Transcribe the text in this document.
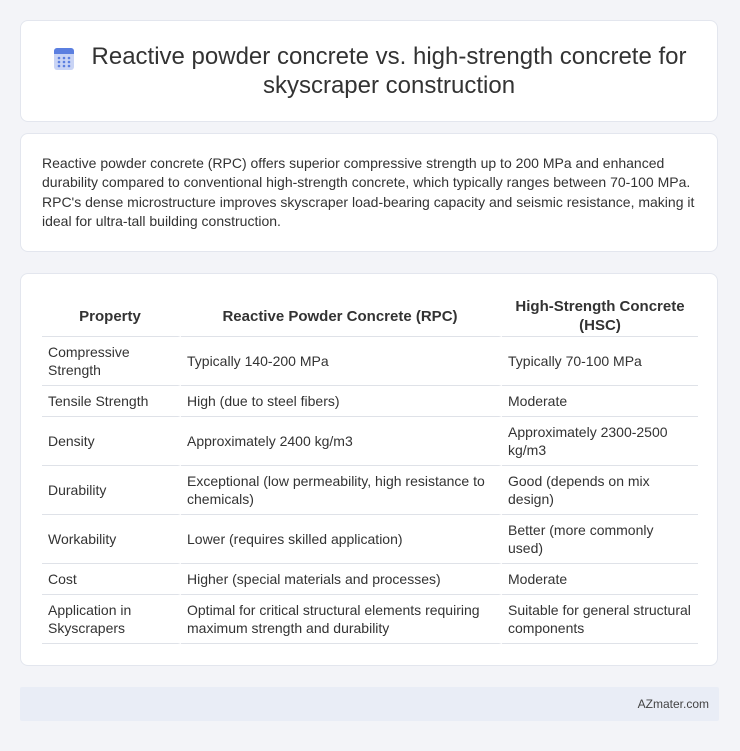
Reactive powder concrete vs. high-strength concrete for skyscraper construction
Reactive powder concrete (RPC) offers superior compressive strength up to 200 MPa and enhanced durability compared to conventional high-strength concrete, which typically ranges between 70-100 MPa. RPC's dense microstructure improves skyscraper load-bearing capacity and seismic resistance, making it ideal for ultra-tall building construction.
Property	Reactive Powder Concrete (RPC)	High-Strength Concrete (HSC)
Compressive Strength	Typically 140-200 MPa	Typically 70-100 MPa
Tensile Strength	High (due to steel fibers)	Moderate
Density	Approximately 2400 kg/m3	Approximately 2300-2500 kg/m3
Durability	Exceptional (low permeability, high resistance to chemicals)	Good (depends on mix design)
Workability	Lower (requires skilled application)	Better (more commonly used)
Cost	Higher (special materials and processes)	Moderate
Application in Skyscrapers	Optimal for critical structural elements requiring maximum strength and durability	Suitable for general structural components
AZmater.com
